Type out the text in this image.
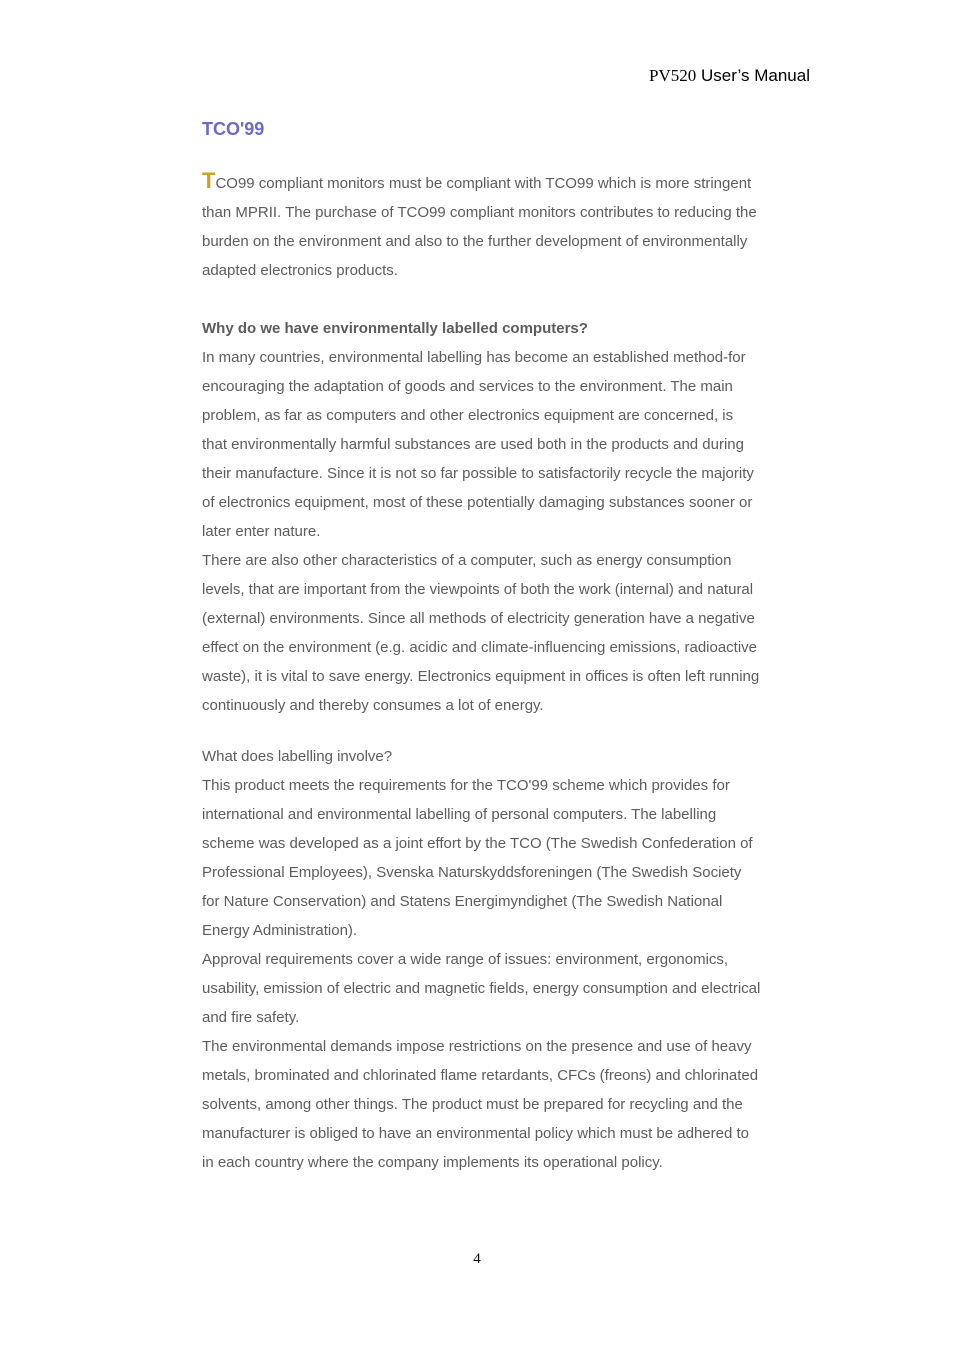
PV520 User’s Manual
TCO'99

TCO99 compliant monitors must be compliant with TCO99 which is more stringent than MPRII. The purchase of TCO99 compliant monitors contributes to reducing the burden on the environment and also to the further development of environmentally adapted electronics products.

Why do we have environmentally labelled computers?

In many countries, environmental labelling has become an established method-for encouraging the adaptation of goods and services to the environment. The main problem, as far as computers and other electronics equipment are concerned, is that environmentally harmful substances are used both in the products and during their manufacture. Since it is not so far possible to satisfactorily recycle the majority of electronics equipment, most of these potentially damaging substances sooner or later enter nature.

There are also other characteristics of a computer, such as energy consumption levels, that are important from the viewpoints of both the work (internal) and natural (external) environments. Since all methods of electricity generation have a negative effect on the environment (e.g. acidic and climate-influencing emissions, radioactive waste), it is vital to save energy. Electronics equipment in offices is often left running continuously and thereby consumes a lot of energy.

What does labelling involve?

This product meets the requirements for the TCO'99 scheme which provides for international and environmental labelling of personal computers. The labelling scheme was developed as a joint effort by the TCO (The Swedish Confederation of Professional Employees), Svenska Naturskyddsforeningen (The Swedish Society for Nature Conservation) and Statens Energimyndighet (The Swedish National Energy Administration).

Approval requirements cover a wide range of issues: environment, ergonomics, usability, emission of electric and magnetic fields, energy consumption and electrical and fire safety.

The environmental demands impose restrictions on the presence and use of heavy metals, brominated and chlorinated flame retardants, CFCs (freons) and chlorinated solvents, among other things. The product must be prepared for recycling and the manufacturer is obliged to have an environmental policy which must be adhered to in each country where the company implements its operational policy.

4
